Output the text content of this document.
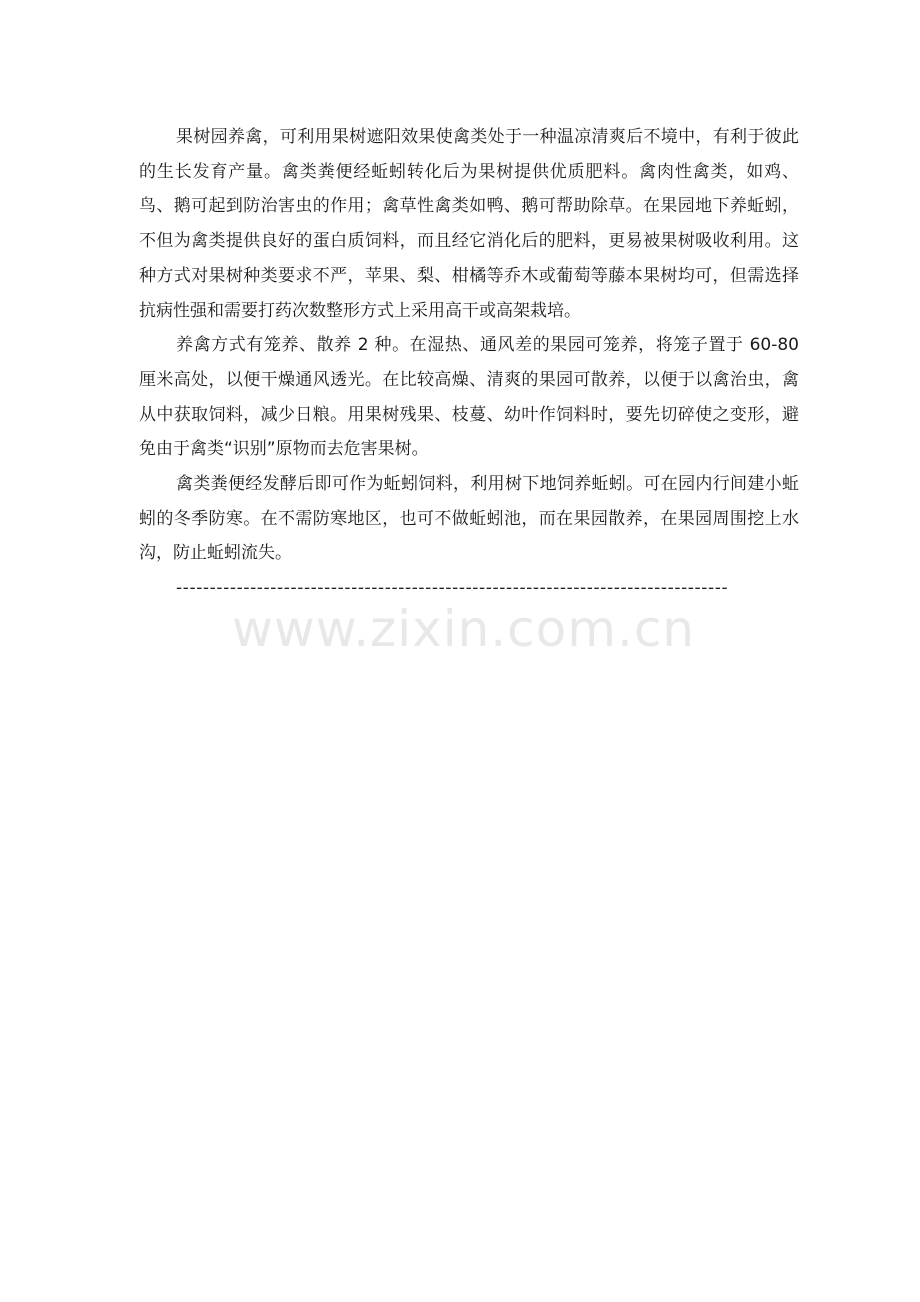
果树园养禽，可利用果树遮阳效果使禽类处于一种温凉清爽后不境中，有利于彼此的生长发育产量。禽类粪便经蚯蚓转化后为果树提供优质肥料。禽肉性禽类，如鸡、鸟、鹅可起到防治害虫的作用；禽草性禽类如鸭、鹅可帮助除草。在果园地下养蚯蚓，不但为禽类提供良好的蛋白质饲料，而且经它消化后的肥料，更易被果树吸收利用。这种方式对果树种类要求不严，苹果、梨、柑橘等乔木或葡萄等藤本果树均可，但需选择抗病性强和需要打药次数整形方式上采用高干或高架栽培。

养禽方式有笼养、散养 2 种。在湿热、通风差的果园可笼养，将笼子置于 60-80 厘米高处，以便干燥通风透光。在比较高燥、清爽的果园可散养，以便于以禽治虫，禽从中获取饲料，减少日粮。用果树残果、枝蔓、幼叶作饲料时，要先切碎使之变形，避免由于禽类“识别”原物而去危害果树。

禽类粪便经发酵后即可作为蚯蚓饲料，利用树下地饲养蚯蚓。可在园内行间建小蚯蚓的冬季防寒。在不需防寒地区，也可不做蚯蚓池，而在果园散养，在果园周围挖上水沟，防止蚯蚓流失。

----------------------------------------------------------------------------------

www.zixin.com.cn
